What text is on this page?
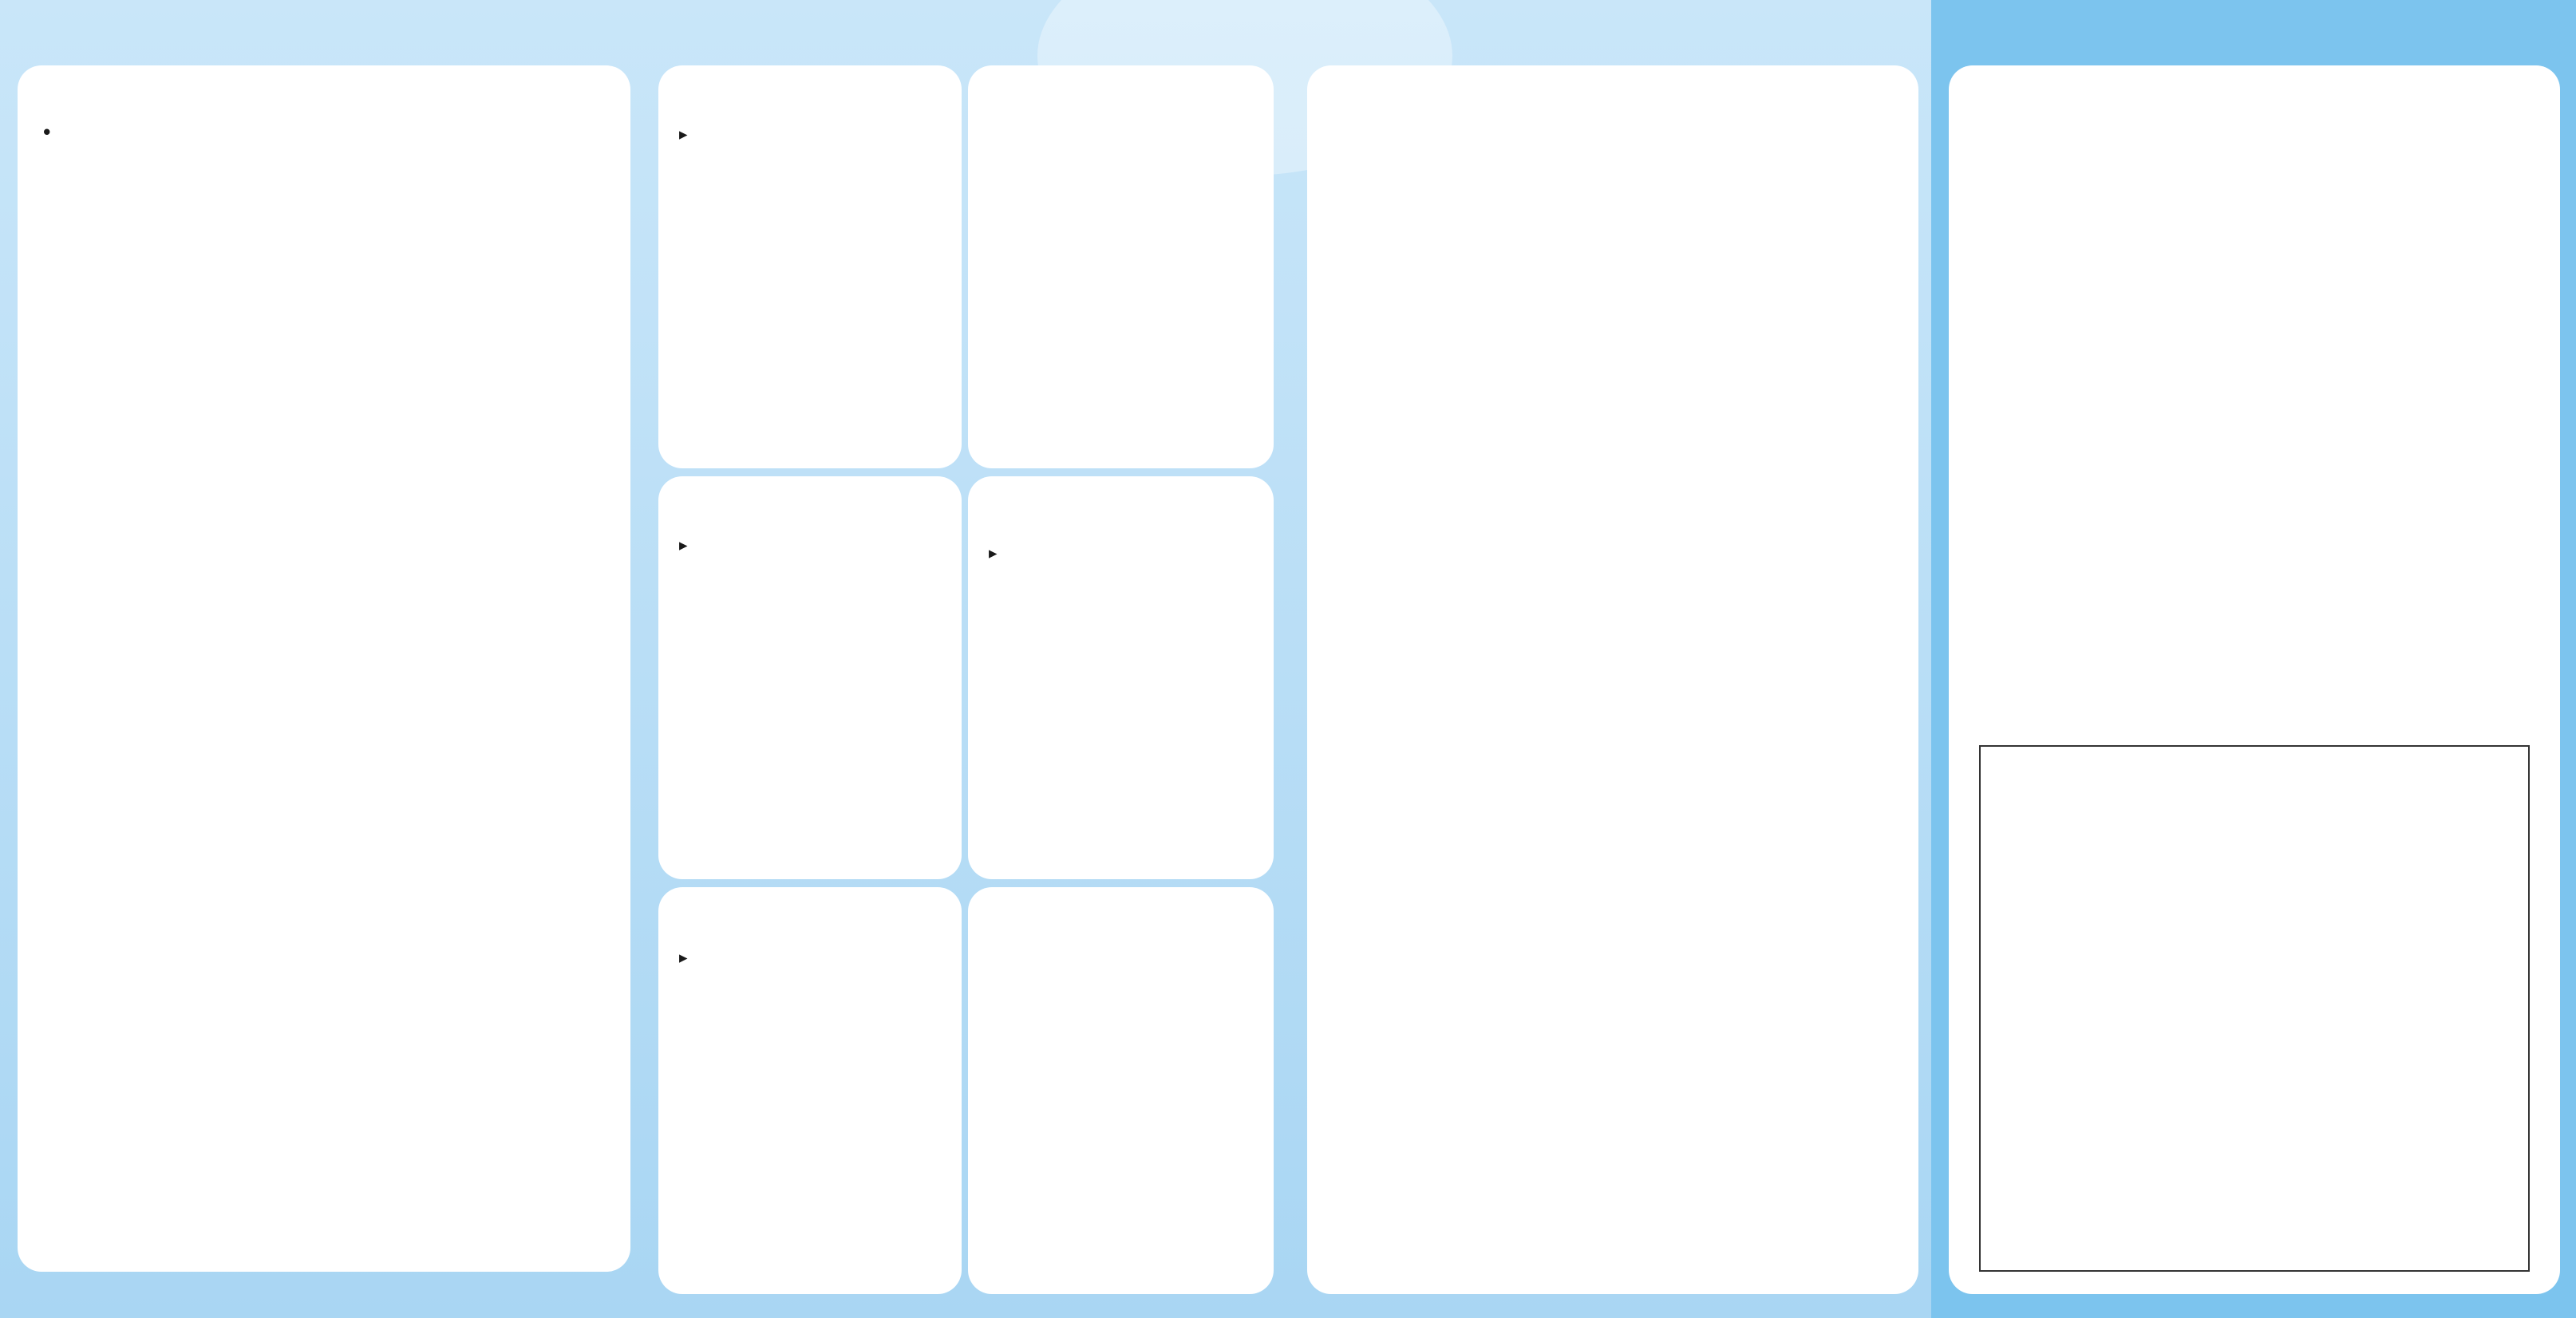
•	▸
▸	▸
▸
